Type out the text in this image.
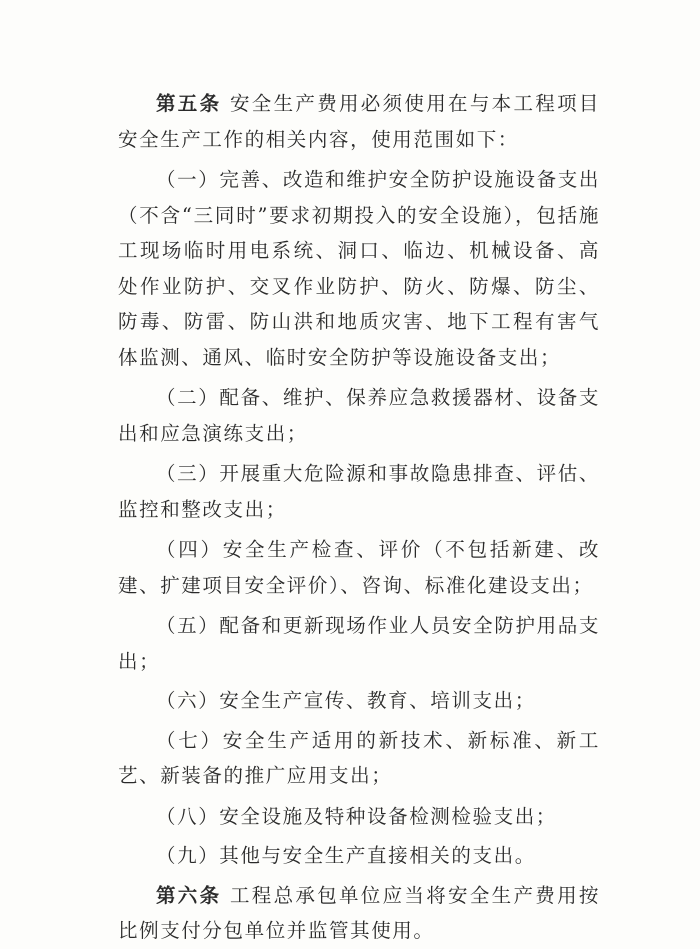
第五条 安全生产费用必须使用在与本工程项目安全生产工作的相关内容，使用范围如下：

（一）完善、改造和维护安全防护设施设备支出（不含“三同时”要求初期投入的安全设施），包括施工现场临时用电系统、洞口、临边、机械设备、高处作业防护、交叉作业防护、防火、防爆、防尘、防毒、防雷、防山洪和地质灾害、地下工程有害气体监测、通风、临时安全防护等设施设备支出；

（二）配备、维护、保养应急救援器材、设备支出和应急演练支出；

（三）开展重大危险源和事故隐患排查、评估、监控和整改支出；

（四）安全生产检查、评价（不包括新建、改建、扩建项目安全评价）、咨询、标准化建设支出；

（五）配备和更新现场作业人员安全防护用品支出；

（六）安全生产宣传、教育、培训支出；

（七）安全生产适用的新技术、新标准、新工艺、新装备的推广应用支出；

（八）安全设施及特种设备检测检验支出；

（九）其他与安全生产直接相关的支出。

第六条 工程总承包单位应当将安全生产费用按比例支付分包单位并监管其使用。
